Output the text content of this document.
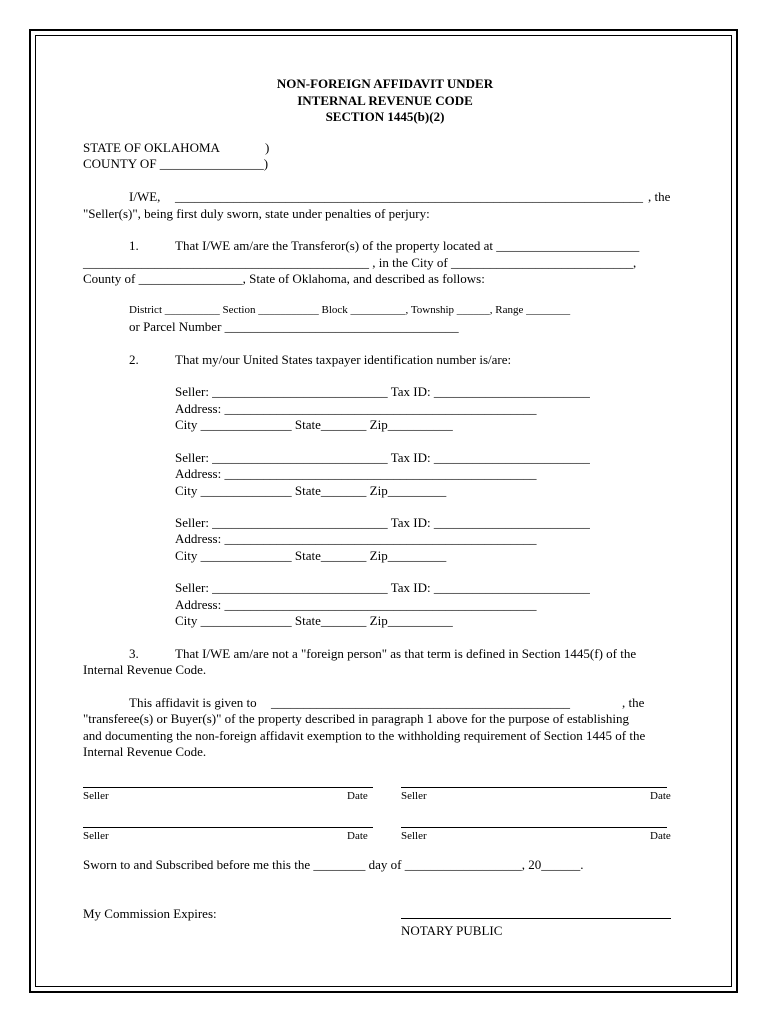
NON-FOREIGN AFFIDAVIT UNDER
INTERNAL REVENUE CODE
SECTION 1445(b)(2)
STATE OF OKLAHOMA	)
COUNTY OF ________________)
I/WE, ________________________________________________________________________ , the
"Seller(s)", being first duly sworn, state under penalties of perjury:
1.	That I/WE am/are the Transferor(s) of the property located at ______________________
____________________________________________ , in the City of ____________________________,
County of ________________, State of Oklahoma, and described as follows:
District __________ Section ___________ Block __________, Township ______, Range ________
or Parcel Number ____________________________________
2.	That my/our United States taxpayer identification number is/are:
Seller: ___________________________ Tax ID: ________________________
Address: ________________________________________________
City ______________ State_______ Zip__________
Seller: ___________________________ Tax ID: ________________________
Address: ________________________________________________
City ______________ State_______ Zip_________
Seller: ___________________________ Tax ID: ________________________
Address: ________________________________________________
City ______________ State_______ Zip_________
Seller: ___________________________ Tax ID: ________________________
Address: ________________________________________________
City ______________ State_______ Zip__________
3.	That I/WE am/are not a "foreign person" as that term is defined in Section 1445(f) of the
Internal Revenue Code.
This affidavit is given to ______________________________________________	, the
"transferee(s) or Buyer(s)" of the property described in paragraph 1 above for the purpose of establishing
and documenting the non-foreign affidavit exemption to the withholding requirement of Section 1445 of the
Internal Revenue Code.
Seller	Date	Seller	Date
Seller	Date	Seller	Date
Sworn to and Subscribed before me this the ________ day of __________________, 20______.
My Commission Expires:
NOTARY PUBLIC
